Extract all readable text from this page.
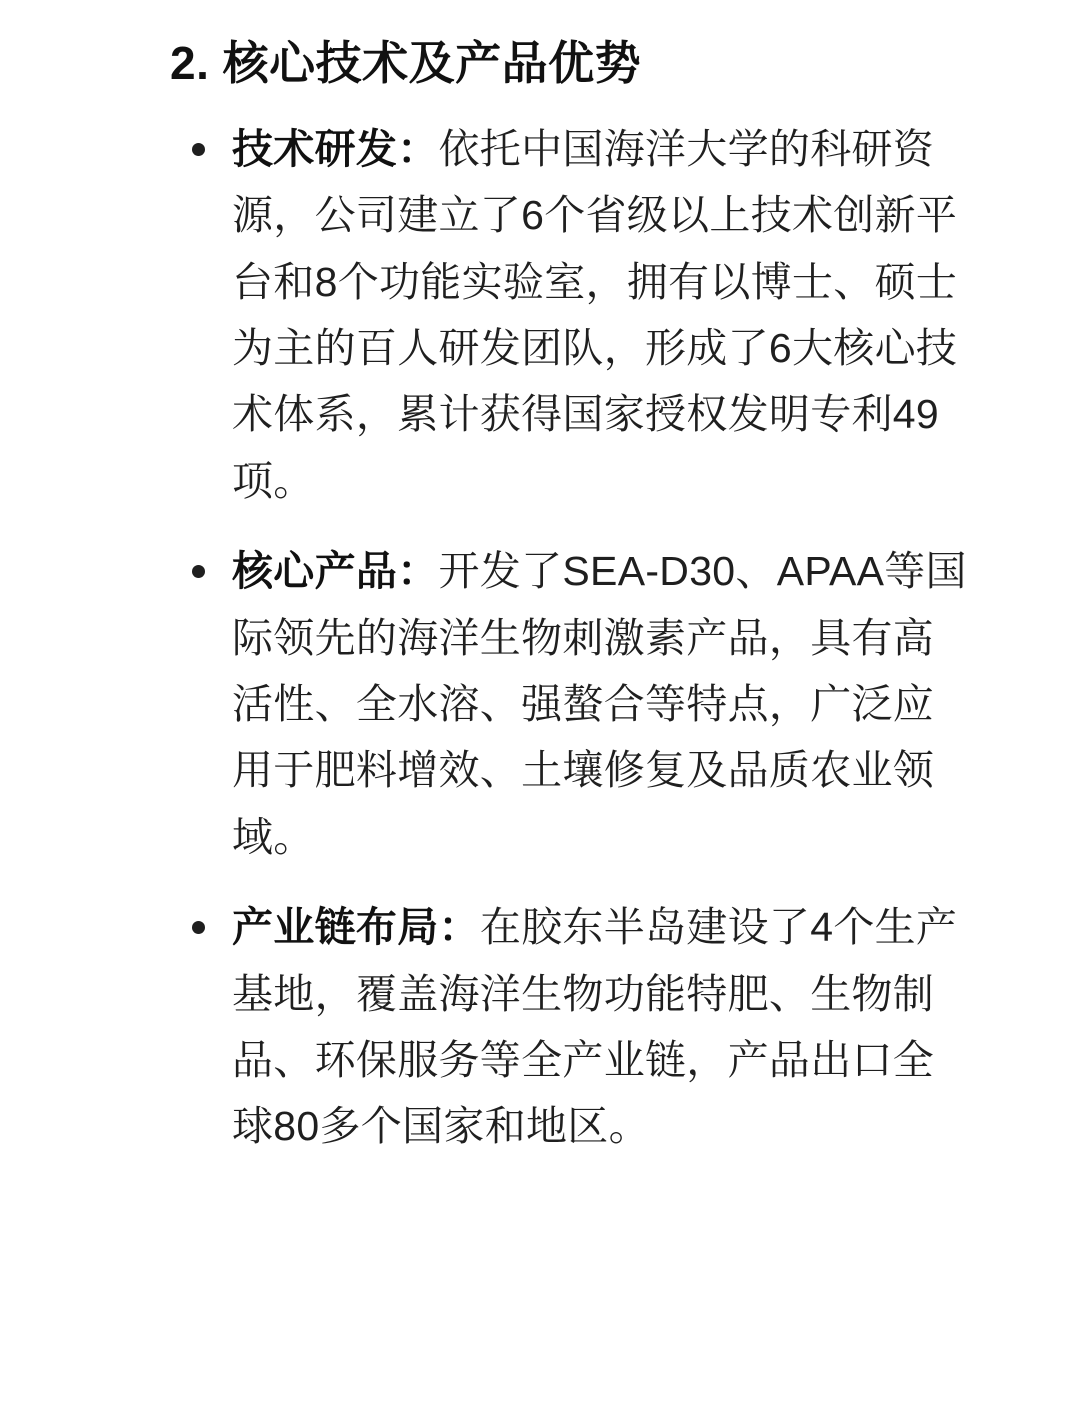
2. 核心技术及产品优势
技术研发：依托中国海洋大学的科研资源，公司建立了6个省级以上技术创新平台和8个功能实验室，拥有以博士、硕士为主的百人研发团队，形成了6大核心技术体系，累计获得国家授权发明专利49项。
核心产品：开发了SEA-D30、APAA等国际领先的海洋生物刺激素产品，具有高活性、全水溶、强螯合等特点，广泛应用于肥料增效、土壤修复及品质农业领域。
产业链布局：在胶东半岛建设了4个生产基地，覆盖海洋生物功能特肥、生物制品、环保服务等全产业链，产品出口全球80多个国家和地区。
